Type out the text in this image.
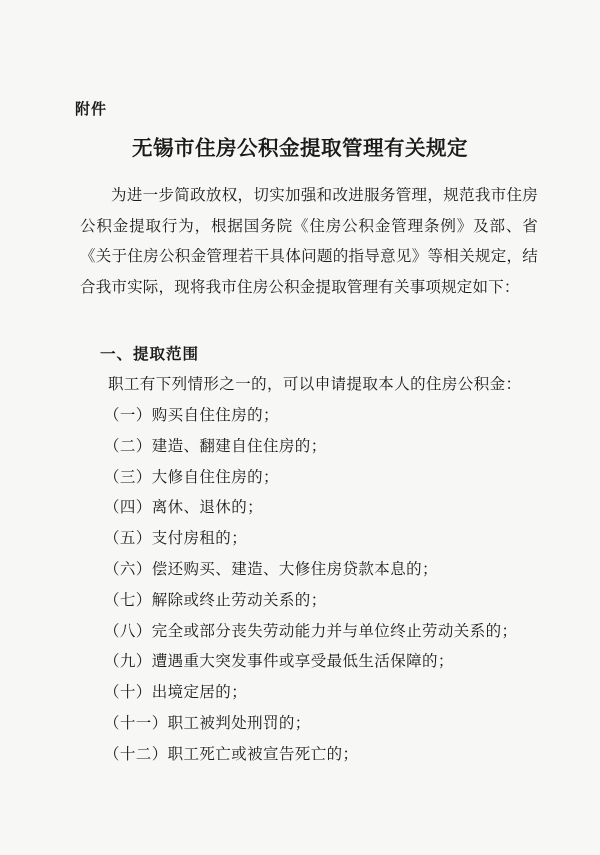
附件
无锡市住房公积金提取管理有关规定
为进一步简政放权，切实加强和改进服务管理，规范我市住房公积金提取行为，根据国务院《住房公积金管理条例》及部、省《关于住房公积金管理若干具体问题的指导意见》等相关规定，结合我市实际，现将我市住房公积金提取管理有关事项规定如下：
一、提取范围
职工有下列情形之一的，可以申请提取本人的住房公积金：
（一）购买自住住房的；
（二）建造、翻建自住住房的；
（三）大修自住住房的；
（四）离休、退休的；
（五）支付房租的；
（六）偿还购买、建造、大修住房贷款本息的；
（七）解除或终止劳动关系的；
（八）完全或部分丧失劳动能力并与单位终止劳动关系的；
（九）遭遇重大突发事件或享受最低生活保障的；
（十）出境定居的；
（十一）职工被判处刑罚的；
（十二）职工死亡或被宣告死亡的；
